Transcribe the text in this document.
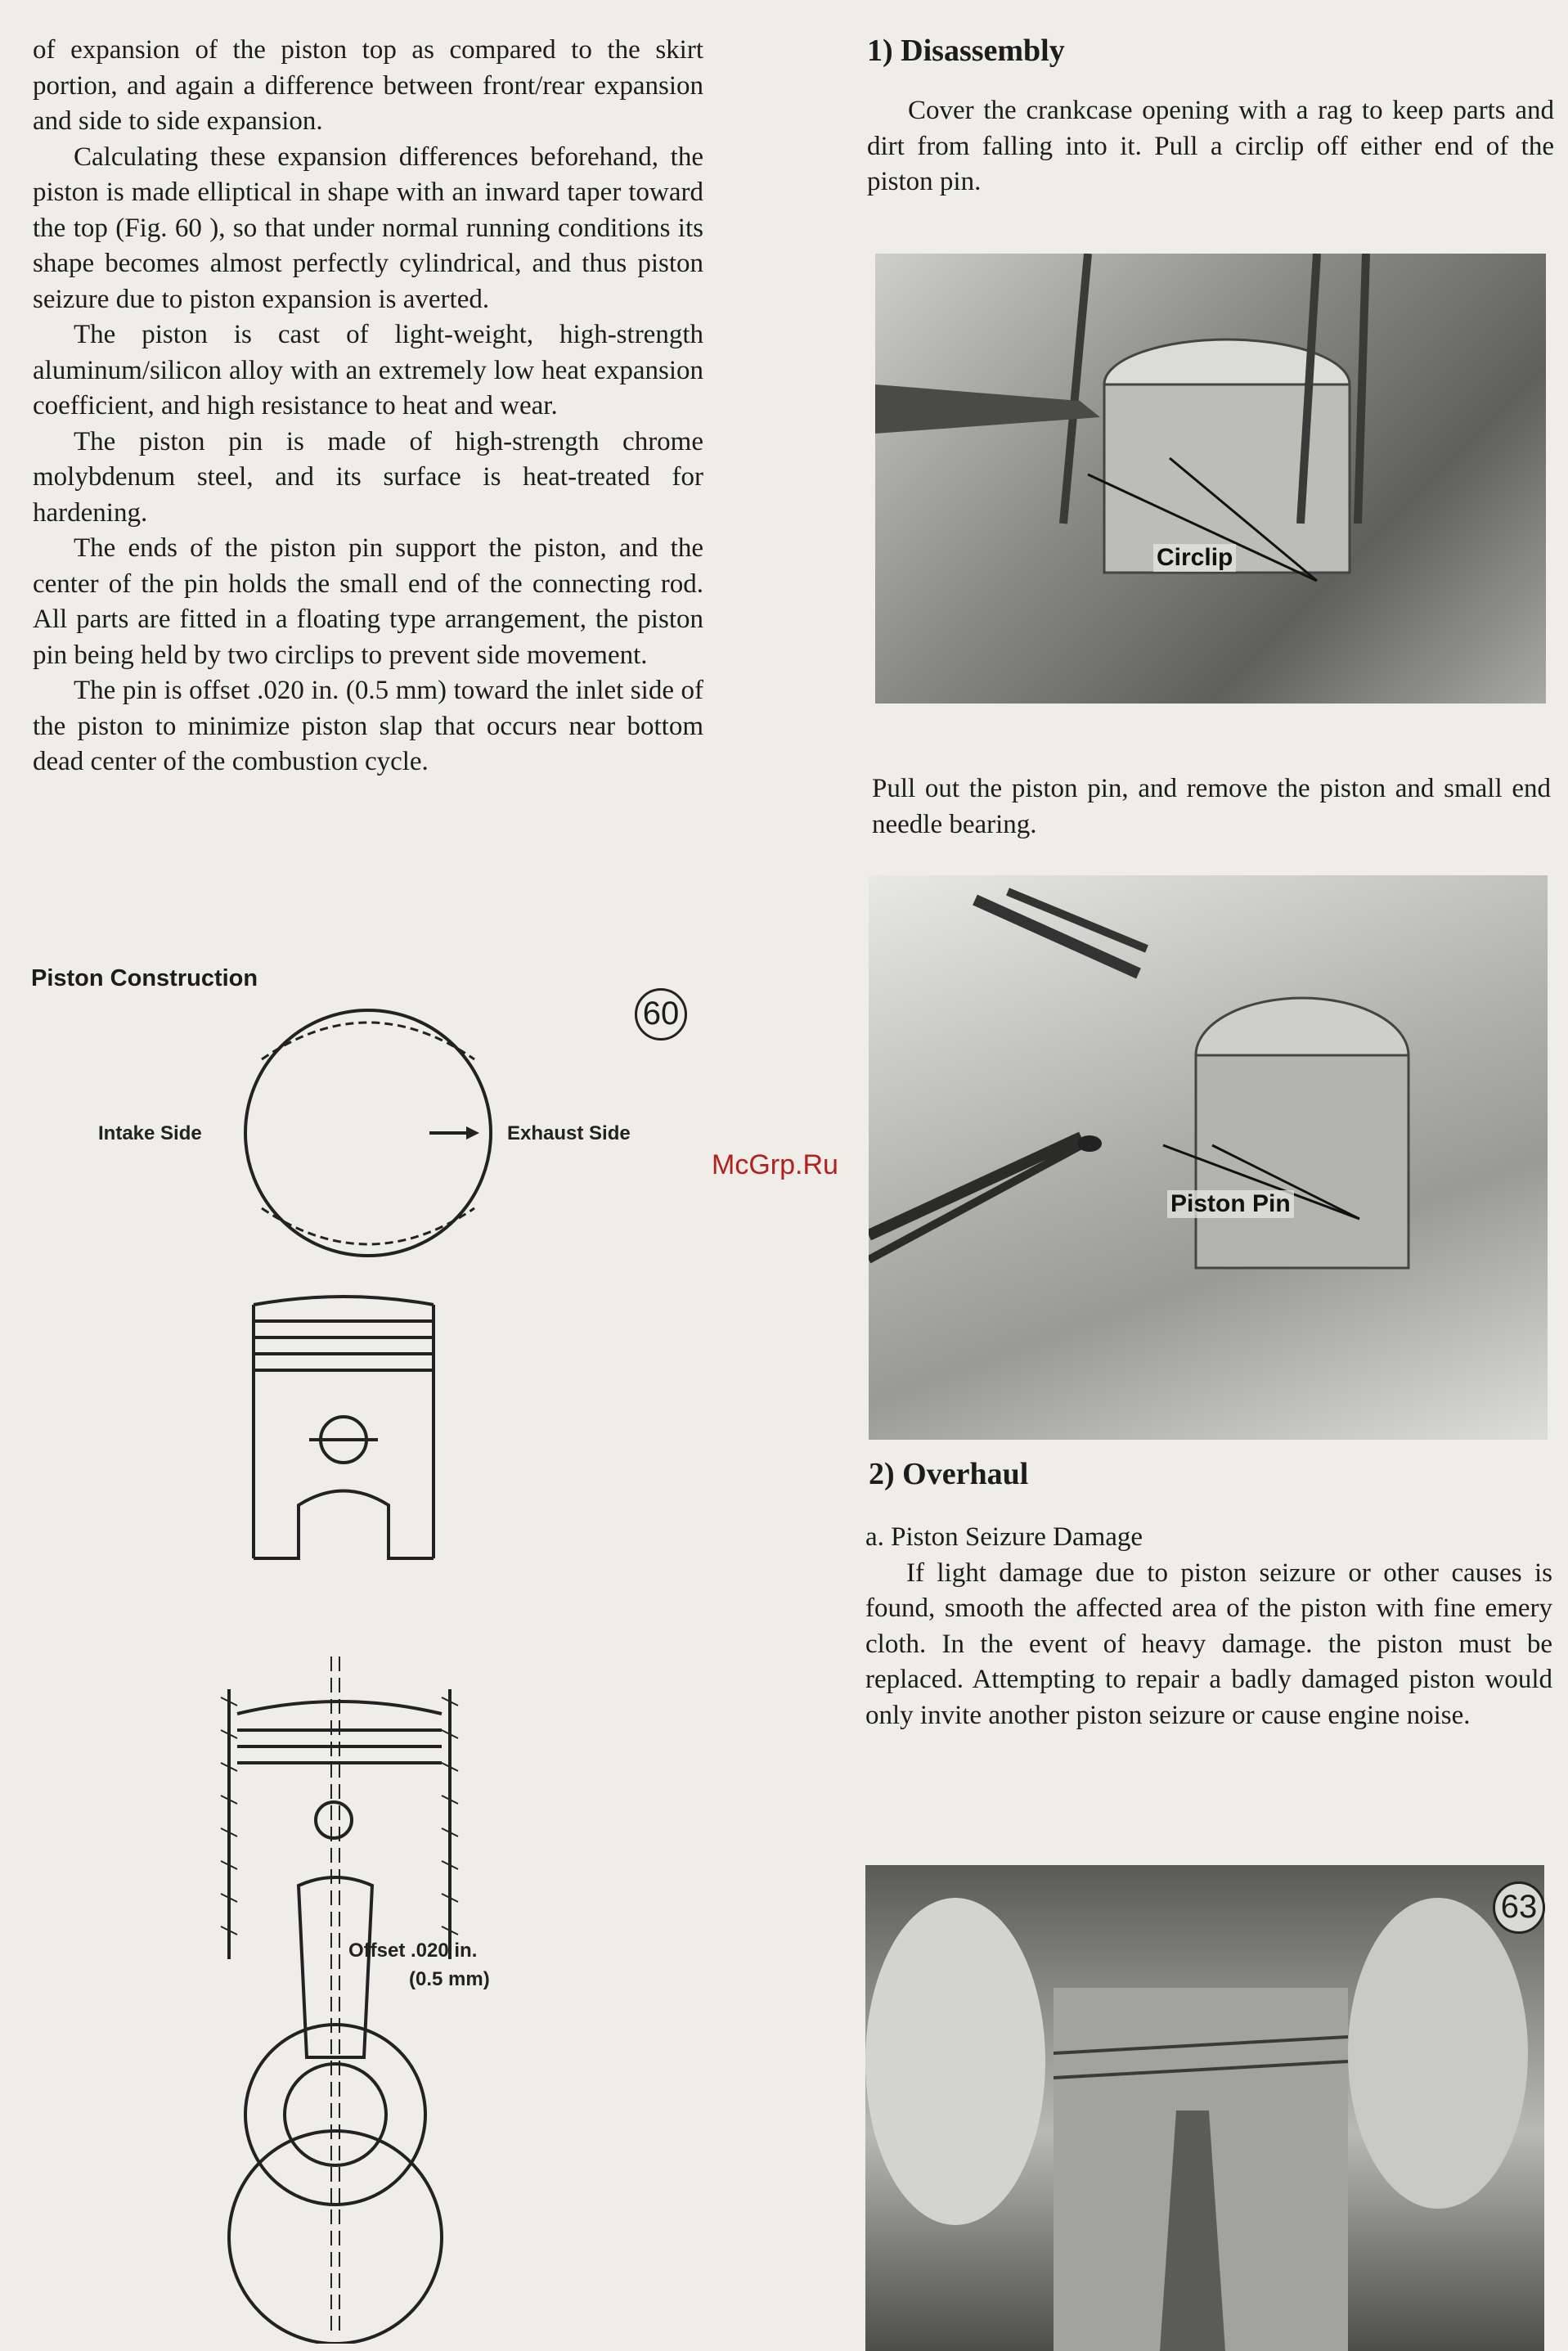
of expansion of the piston top as compared to the skirt portion, and again a difference between front/rear expansion and side to side expansion.

Calculating these expansion differences beforehand, the piston is made elliptical in shape with an inward taper toward the top (Fig. 60 ), so that under normal running conditions its shape becomes almost perfectly cylindrical, and thus piston seizure due to piston expansion is averted.

The piston is cast of light-weight, high-strength aluminum/silicon alloy with an extremely low heat expansion coefficient, and high resistance to heat and wear.

The piston pin is made of high-strength chrome molybdenum steel, and its surface is heat-treated for hardening.

The ends of the piston pin support the piston, and the center of the pin holds the small end of the connecting rod. All parts are fitted in a floating type arrangement, the piston pin being held by two circlips to prevent side movement.

The pin is offset .020 in. (0.5 mm) toward the inlet side of the piston to minimize piston slap that occurs near bottom dead center of the combustion cycle.

Piston Construction
60
Intake Side	Exhaust Side
Offset .020 in.
(0.5 mm)
1) Disassembly

Cover the crankcase opening with a rag to keep parts and dirt from falling into it. Pull a circlip off either end of the piston pin.

Circlip

Pull out the piston pin, and remove the piston and small end needle bearing.

Piston Pin
2) Overhaul

a. Piston Seizure Damage

If light damage due to piston seizure or other causes is found, smooth the affected area of the piston with fine emery cloth. In the event of heavy damage. the piston must be replaced. Attempting to repair a badly damaged piston would only invite another piston seizure or cause engine noise.

63
McGrp.Ru
